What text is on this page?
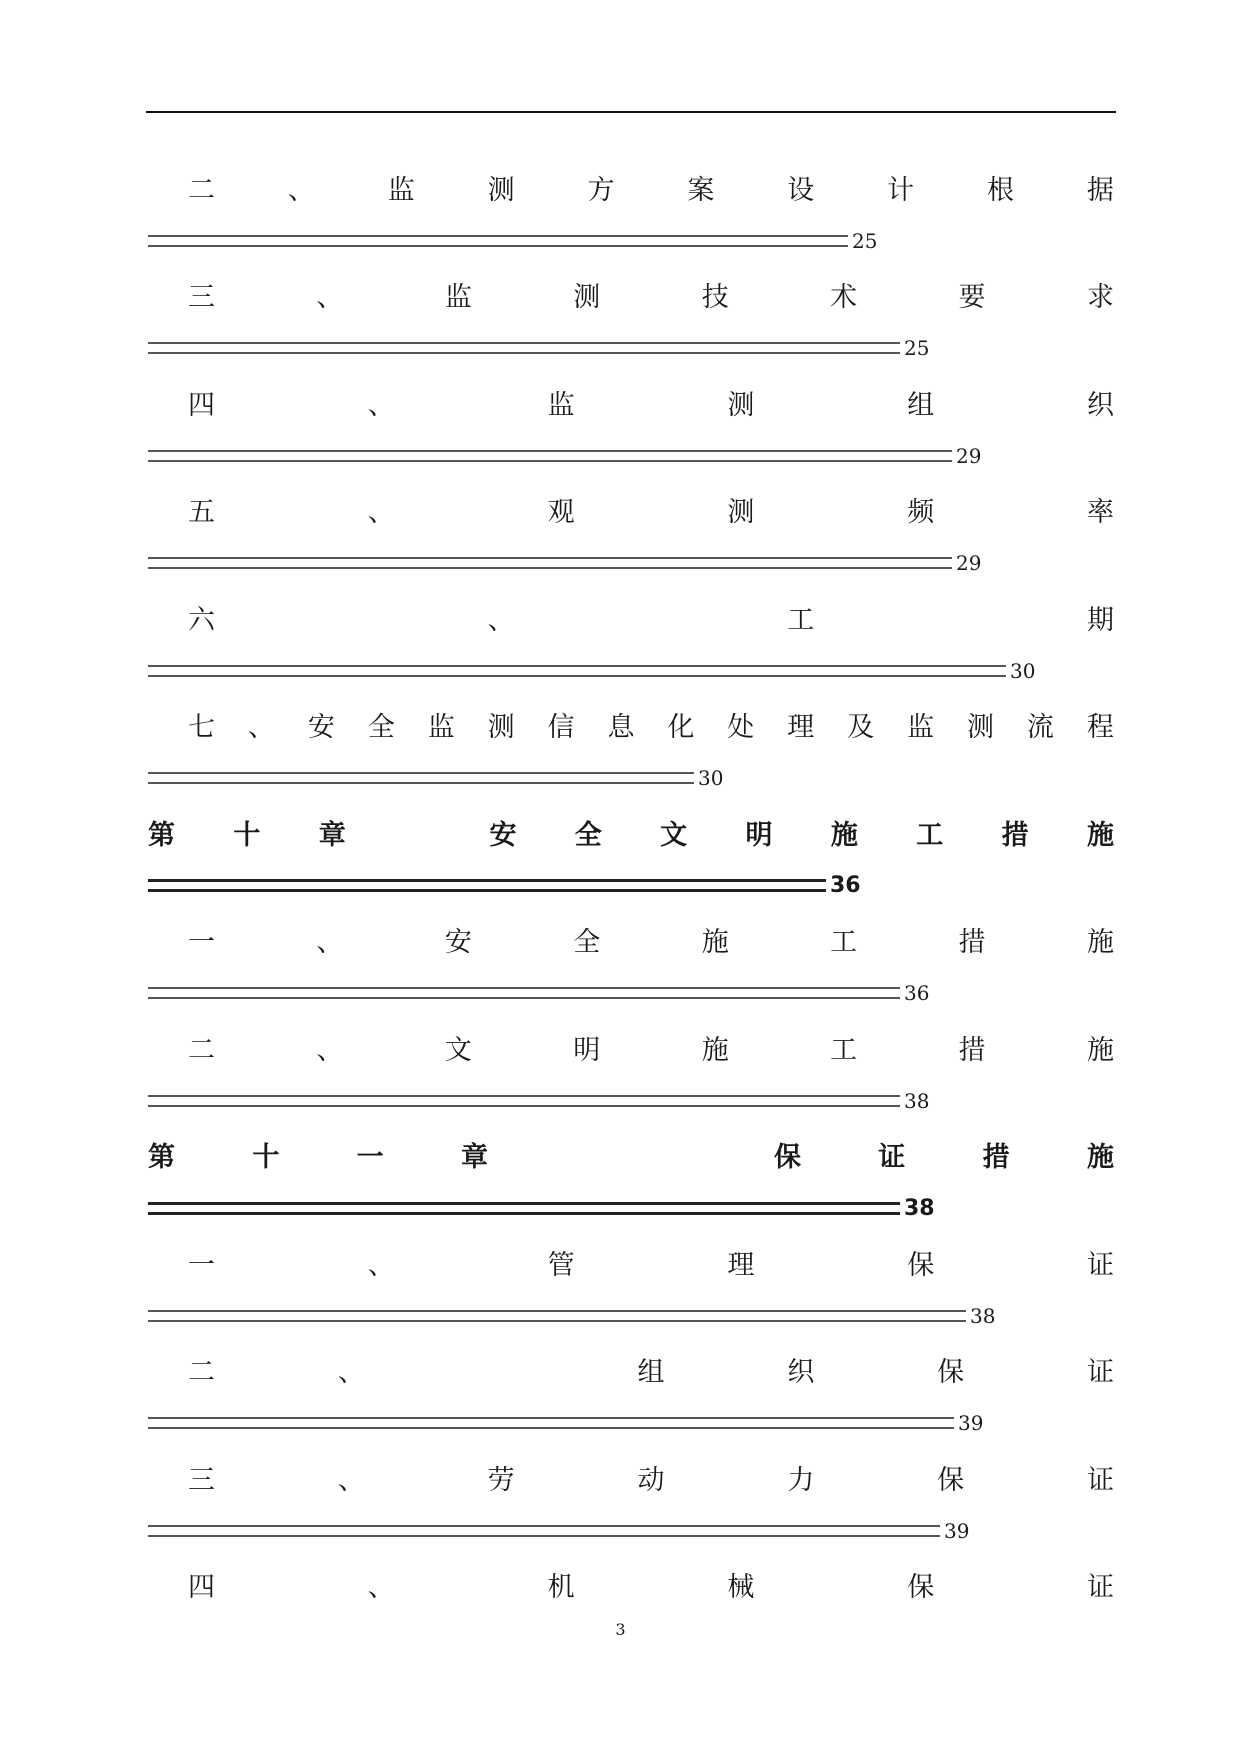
二	、	监	测	方	案	设	计	根	据
25
三	、	监	测	技	术	要	求
25
四	、	监	测	组	织
29
五	、	观	测	频	率
29
六	、	工	期
30
七 、 安 全 监 测 信 息 化 处 理 及 监 测 流 程
30
第 十 章	安 全 文 明 施 工 措 施
36
一	、	安	全	施	工	措	施
36
二	、	文	明	施	工	措	施
38
第	十	一	章	保	证	措	施
38
一	、	管	理	保	证
38
二	、	组	织	保	证
39
三	、	劳	动	力	保	证
39
四	、	机	械	保	证
3
